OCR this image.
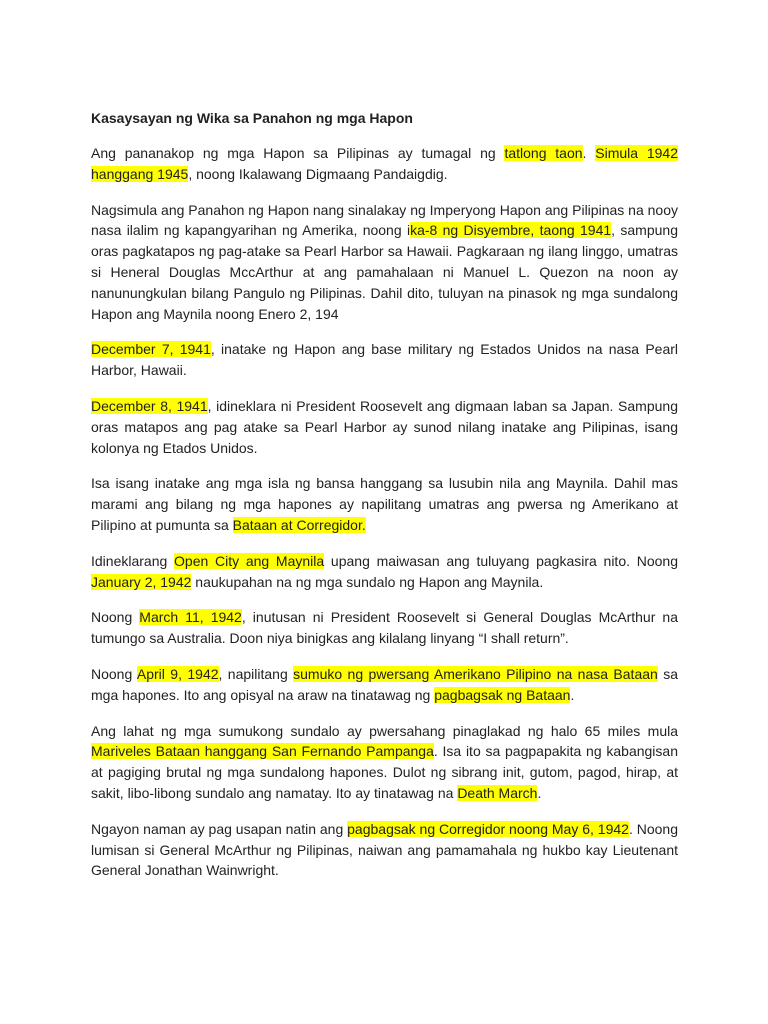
Kasaysayan ng Wika sa Panahon ng mga Hapon

Ang pananakop ng mga Hapon sa Pilipinas ay tumagal ng tatlong taon. Simula 1942 hanggang 1945, noong Ikalawang Digmaang Pandaigdig.

Nagsimula ang Panahon ng Hapon nang sinalakay ng Imperyong Hapon ang Pilipinas na nooy nasa ilalim ng kapangyarihan ng Amerika, noong ika-8 ng Disyembre, taong 1941, sampung oras pagkatapos ng pag-atake sa Pearl Harbor sa Hawaii. Pagkaraan ng ilang linggo, umatras si Heneral Douglas MccArthur at ang pamahalaan ni Manuel L. Quezon na noon ay nanunungkulan bilang Pangulo ng Pilipinas. Dahil dito, tuluyan na pinasok ng mga sundalong Hapon ang Maynila noong Enero 2, 194

December 7, 1941, inatake ng Hapon ang base military ng Estados Unidos na nasa Pearl Harbor, Hawaii.

December 8, 1941, idineklara ni President Roosevelt ang digmaan laban sa Japan. Sampung oras matapos ang pag atake sa Pearl Harbor ay sunod nilang inatake ang Pilipinas, isang kolonya ng Etados Unidos.

Isa isang inatake ang mga isla ng bansa hanggang sa lusubin nila ang Maynila. Dahil mas marami ang bilang ng mga hapones ay napilitang umatras ang pwersa ng Amerikano at Pilipino at pumunta sa Bataan at Corregidor.

Idineklarang Open City ang Maynila upang maiwasan ang tuluyang pagkasira nito. Noong January 2, 1942 naukupahan na ng mga sundalo ng Hapon ang Maynila.

Noong March 11, 1942, inutusan ni President Roosevelt si General Douglas McArthur na tumungo sa Australia. Doon niya binigkas ang kilalang linyang “I shall return”.

Noong April 9, 1942, napilitang sumuko ng pwersang Amerikano Pilipino na nasa Bataan sa mga hapones. Ito ang opisyal na araw na tinatawag ng pagbagsak ng Bataan.

Ang lahat ng mga sumukong sundalo ay pwersahang pinaglakad ng halo 65 miles mula Mariveles Bataan hanggang San Fernando Pampanga. Isa ito sa pagpapakita ng kabangisan at pagiging brutal ng mga sundalong hapones. Dulot ng sibrang init, gutom, pagod, hirap, at sakit, libo-libong sundalo ang namatay. Ito ay tinatawag na Death March.

Ngayon naman ay pag usapan natin ang pagbagsak ng Corregidor noong May 6, 1942. Noong lumisan si General McArthur ng Pilipinas, naiwan ang pamamahala ng hukbo kay Lieutenant General Jonathan Wainwright.
